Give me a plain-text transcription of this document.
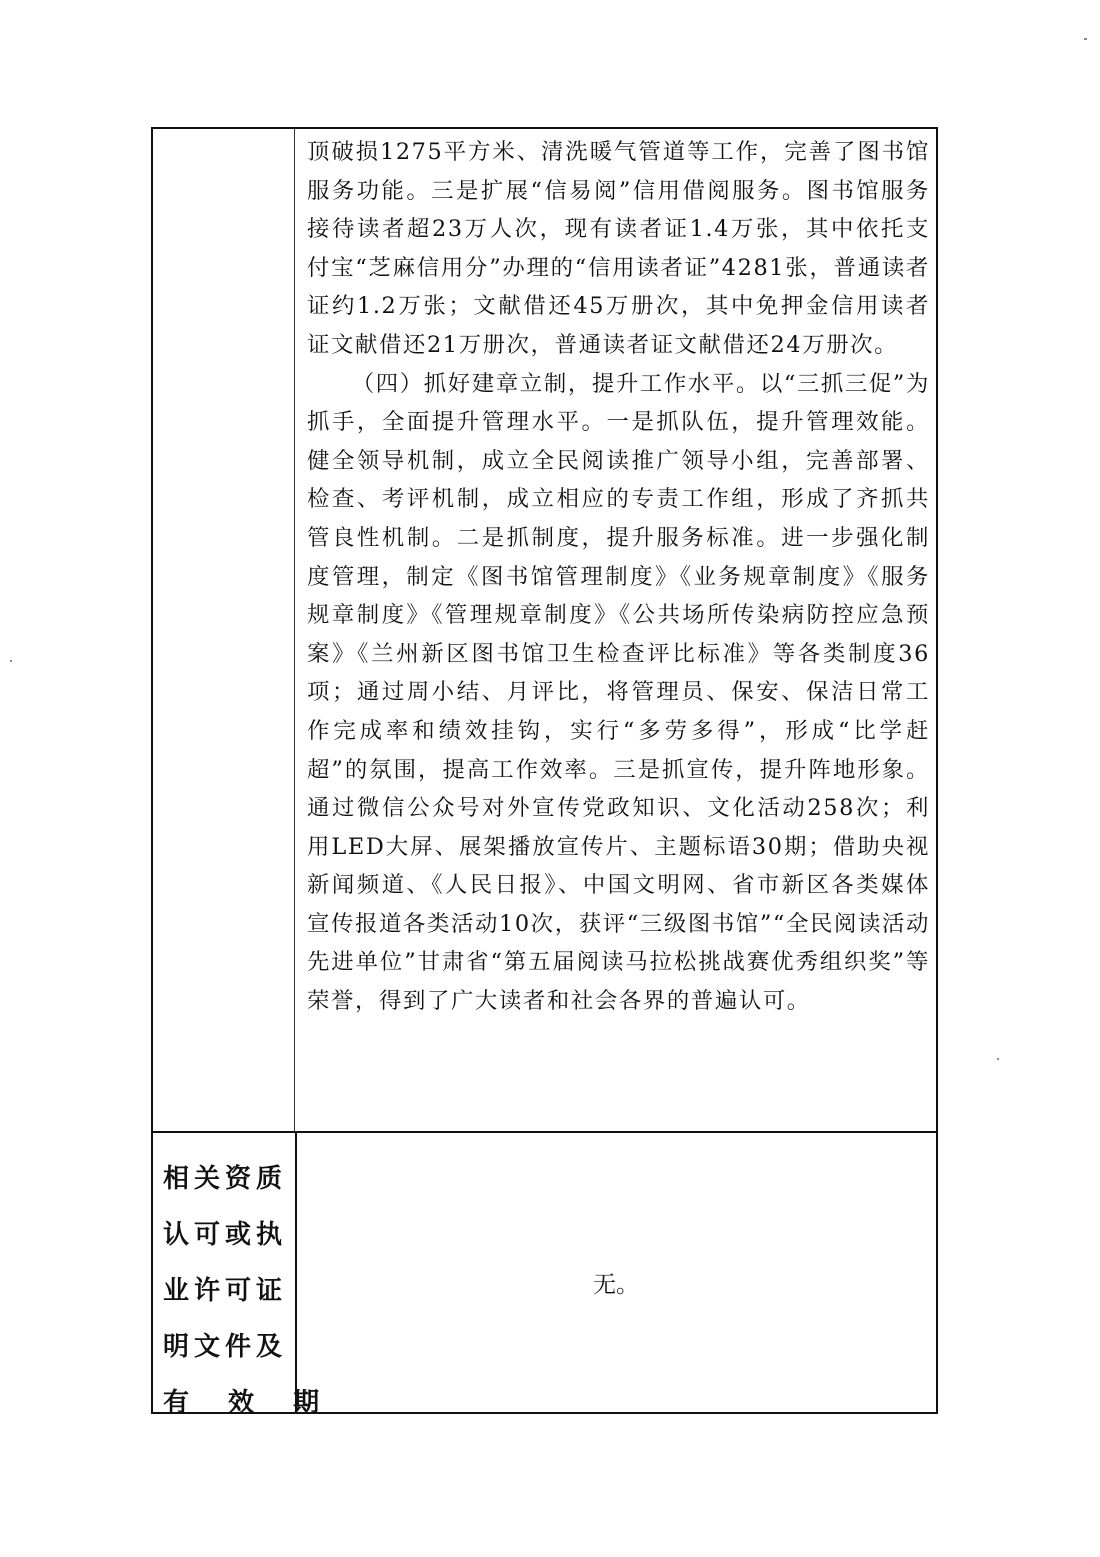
顶破损1275平方米、清洗暖气管道等工作，完善了图书馆服务功能。三是扩展“信易阅”信用借阅服务。图书馆服务接待读者超23万人次，现有读者证1.4万张，其中依托支付宝“芝麻信用分”办理的“信用读者证”4281张，普通读者证约1.2万张；文献借还45万册次，其中免押金信用读者证文献借还21万册次，普通读者证文献借还24万册次。

（四）抓好建章立制，提升工作水平。以“三抓三促”为抓手，全面提升管理水平。一是抓队伍，提升管理效能。健全领导机制，成立全民阅读推广领导小组，完善部署、检查、考评机制，成立相应的专责工作组，形成了齐抓共管良性机制。二是抓制度，提升服务标准。进一步强化制度管理，制定《图书馆管理制度》《业务规章制度》《服务规章制度》《管理规章制度》《公共场所传染病防控应急预案》《兰州新区图书馆卫生检查评比标准》等各类制度36项；通过周小结、月评比，将管理员、保安、保洁日常工作完成率和绩效挂钩，实行“多劳多得”，形成“比学赶超”的氛围，提高工作效率。三是抓宣传，提升阵地形象。通过微信公众号对外宣传党政知识、文化活动258次；利用LED大屏、展架播放宣传片、主题标语30期；借助央视新闻频道、《人民日报》、中国文明网、省市新区各类媒体宣传报道各类活动10次，获评“三级图书馆”“全民阅读活动先进单位”甘肃省“第五届阅读马拉松挑战赛优秀组织奖”等荣誉，得到了广大读者和社会各界的普遍认可。

相关资质
认可或执
业许可证
明文件及
有 效 期
无。
